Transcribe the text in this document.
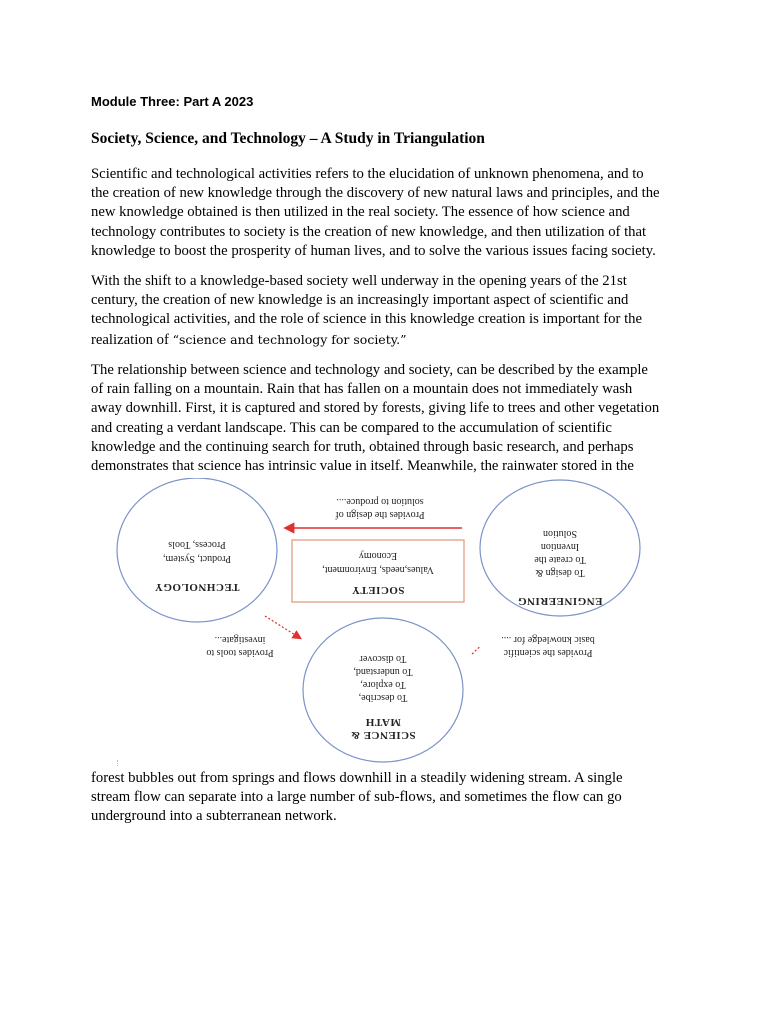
Module Three: Part A 2023
Society, Science, and Technology – A Study in Triangulation
Scientific and technological activities refers to the elucidation of unknown phenomena, and to
the creation of new knowledge through the discovery of new natural laws and principles, and the
new knowledge obtained is then utilized in the real society. The essence of how science and
technology contributes to society is the creation of new knowledge, and then utilization of that
knowledge to boost the prosperity of human lives, and to solve the various issues facing society.
With the shift to a knowledge-based society well underway in the opening years of the 21st
century, the creation of new knowledge is an increasingly important aspect of scientific and
technological activities, and the role of science in this knowledge creation is important for the
realization of “science and technology for society.”
The relationship between science and technology and society, can be described by the example
of rain falling on a mountain. Rain that has fallen on a mountain does not immediately wash
away downhill. First, it is captured and stored by forests, giving life to trees and other vegetation
and creating a verdant landscape. This can be compared to the accumulation of scientific
knowledge and the continuing search for truth, obtained through basic research, and perhaps
demonstrates that science has intrinsic value in itself. Meanwhile, the rainwater stored in the
TECHNOLOGY
Product, System,
Process, Tools
SOCIETY
Values,needs, Environment,
Economy
SCIENCE &
MATH
To describe,
To explore,
To understand,
To discover
Provides the design of
solution to produce....
Provides tools to
investigate...
ENGINEERING
To design &
To create the
Invention
Solution
Provides the scientific
basic knowledge for ....
forest bubbles out from springs and flows downhill in a steadily widening stream. A single
stream flow can separate into a large number of sub-flows, and sometimes the flow can go
underground into a subterranean network.
